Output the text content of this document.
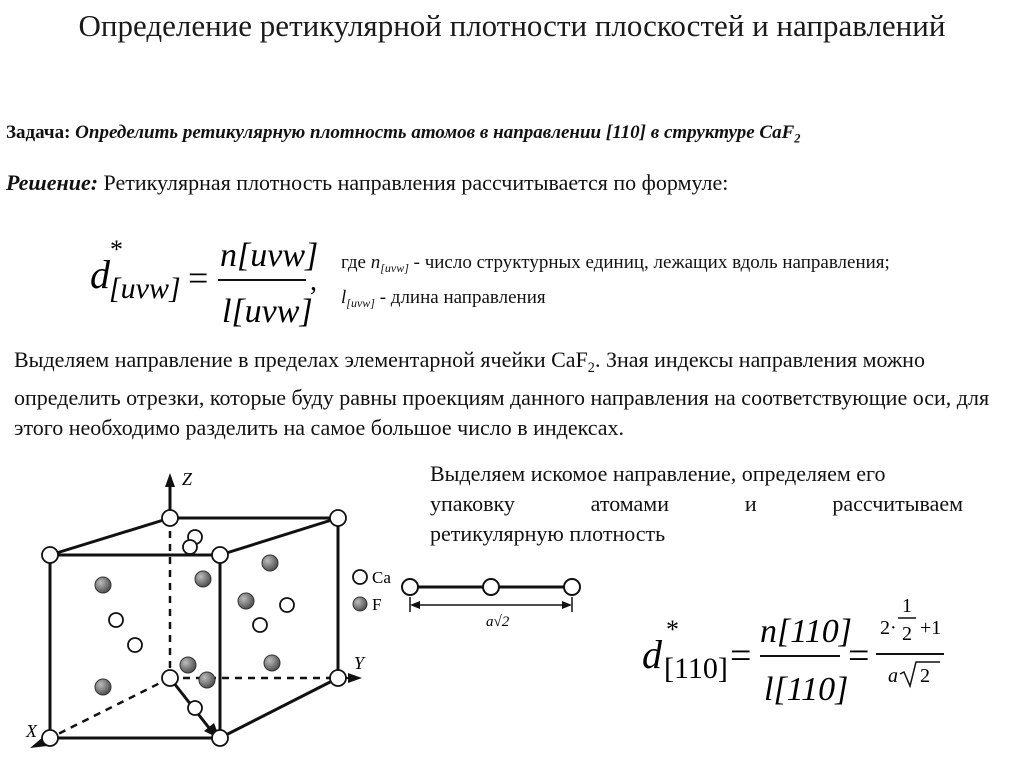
Определение ретикулярной плотности плоскостей и направлений
Задача: Определить ретикулярную плотность атомов в направлении [110] в структуре CaF$_2$
Решение: Ретикулярная плотность направления рассчитывается по формуле:
d
*
[uvw] =
n[uvw]
l[uvw]
,
где $n_{[uvw]}$ - число структурных единиц, лежащих вдоль направления;
$l_{[uvw]}$ - длина направления
Выделяем направление в пределах элементарной ячейки CaF$_2$. Зная индексы направления можно определить отрезки, которые буду равны проекциям данного направления на соответствующие оси, для этого необходимо разделить на самое большое число в индексах.
Выделяем искомое направление, определяем его
упаковку	атомами	и	рассчитываем
ретикулярную плотность
Z
Y
X
Ca
F
a√2
d
*
[110] =
n[110]
l[110]
=
2·
1
2 +1
a 2
